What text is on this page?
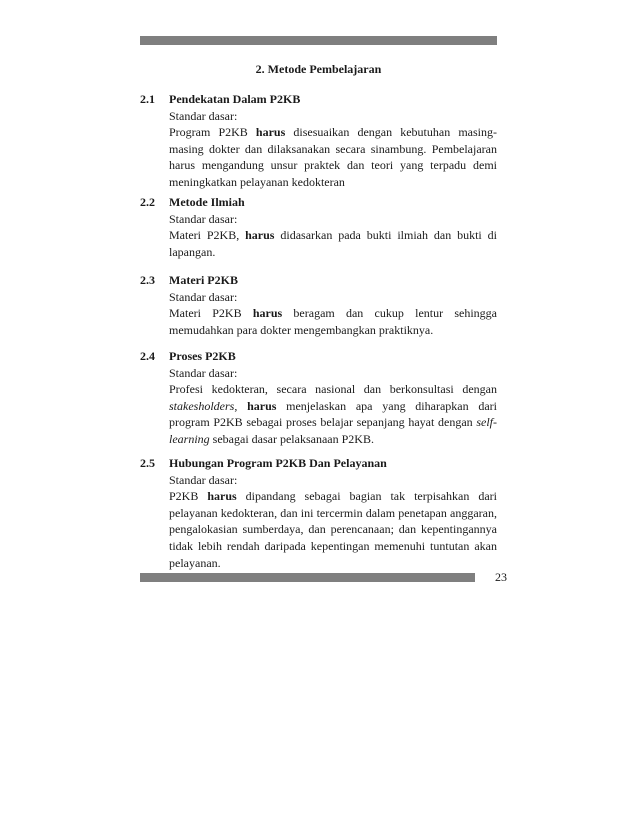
2. Metode Pembelajaran
2.1 Pendekatan Dalam P2KB
Standar dasar:
Program P2KB harus disesuaikan dengan kebutuhan masing-masing dokter dan dilaksanakan secara sinambung. Pembelajaran harus mengandung unsur praktek dan teori yang terpadu demi meningkatkan pelayanan kedokteran
2.2 Metode Ilmiah
Standar dasar:
Materi P2KB, harus didasarkan pada bukti ilmiah dan bukti di lapangan.
2.3 Materi P2KB
Standar dasar:
Materi P2KB harus beragam dan cukup lentur sehingga memudahkan para dokter mengembangkan praktiknya.
2.4 Proses P2KB
Standar dasar:
Profesi kedokteran, secara nasional dan berkonsultasi dengan stakesholders, harus menjelaskan apa yang diharapkan dari program P2KB sebagai proses belajar sepanjang hayat dengan self-learning sebagai dasar pelaksanaan P2KB.
2.5 Hubungan Program P2KB Dan Pelayanan
Standar dasar:
P2KB harus dipandang sebagai bagian tak terpisahkan dari pelayanan kedokteran, dan ini tercermin dalam penetapan anggaran, pengalokasian sumberdaya, dan perencanaan; dan kepentingannya tidak lebih rendah daripada kepentingan memenuhi tuntutan akan pelayanan.
23
